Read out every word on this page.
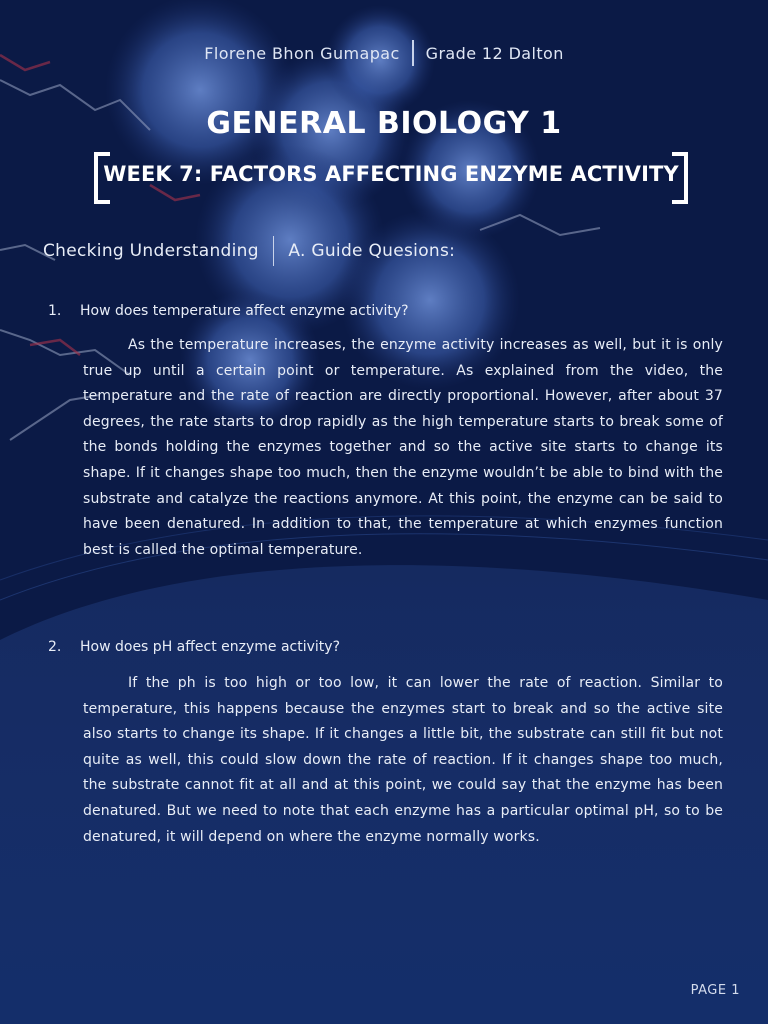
Florene Bhon Gumapac Grade 12 Dalton
GENERAL BIOLOGY 1
WEEK 7: FACTORS AFFECTING ENZYME ACTIVITY
Checking Understanding A. Guide Quesions:
1. How does temperature affect enzyme activity?

As the temperature increases, the enzyme activity increases as well, but it is only true up until a certain point or temperature. As explained from the video, the temperature and the rate of reaction are directly proportional. However, after about 37 degrees, the rate starts to drop rapidly as the high temperature starts to break some of the bonds holding the enzymes together and so the active site starts to change its shape. If it changes shape too much, then the enzyme wouldn’t be able to bind with the substrate and catalyze the reactions anymore. At this point, the enzyme can be said to have been denatured. In addition to that, the temperature at which enzymes function best is called the optimal temperature.

2. How does pH affect enzyme activity?

If the ph is too high or too low, it can lower the rate of reaction. Similar to temperature, this happens because the enzymes start to break and so the active site also starts to change its shape. If it changes a little bit, the substrate can still fit but not quite as well, this could slow down the rate of reaction. If it changes shape too much, the substrate cannot fit at all and at this point, we could say that the enzyme has been denatured. But we need to note that each enzyme has a particular optimal pH, so to be denatured, it will depend on where the enzyme normally works.

PAGE 1
